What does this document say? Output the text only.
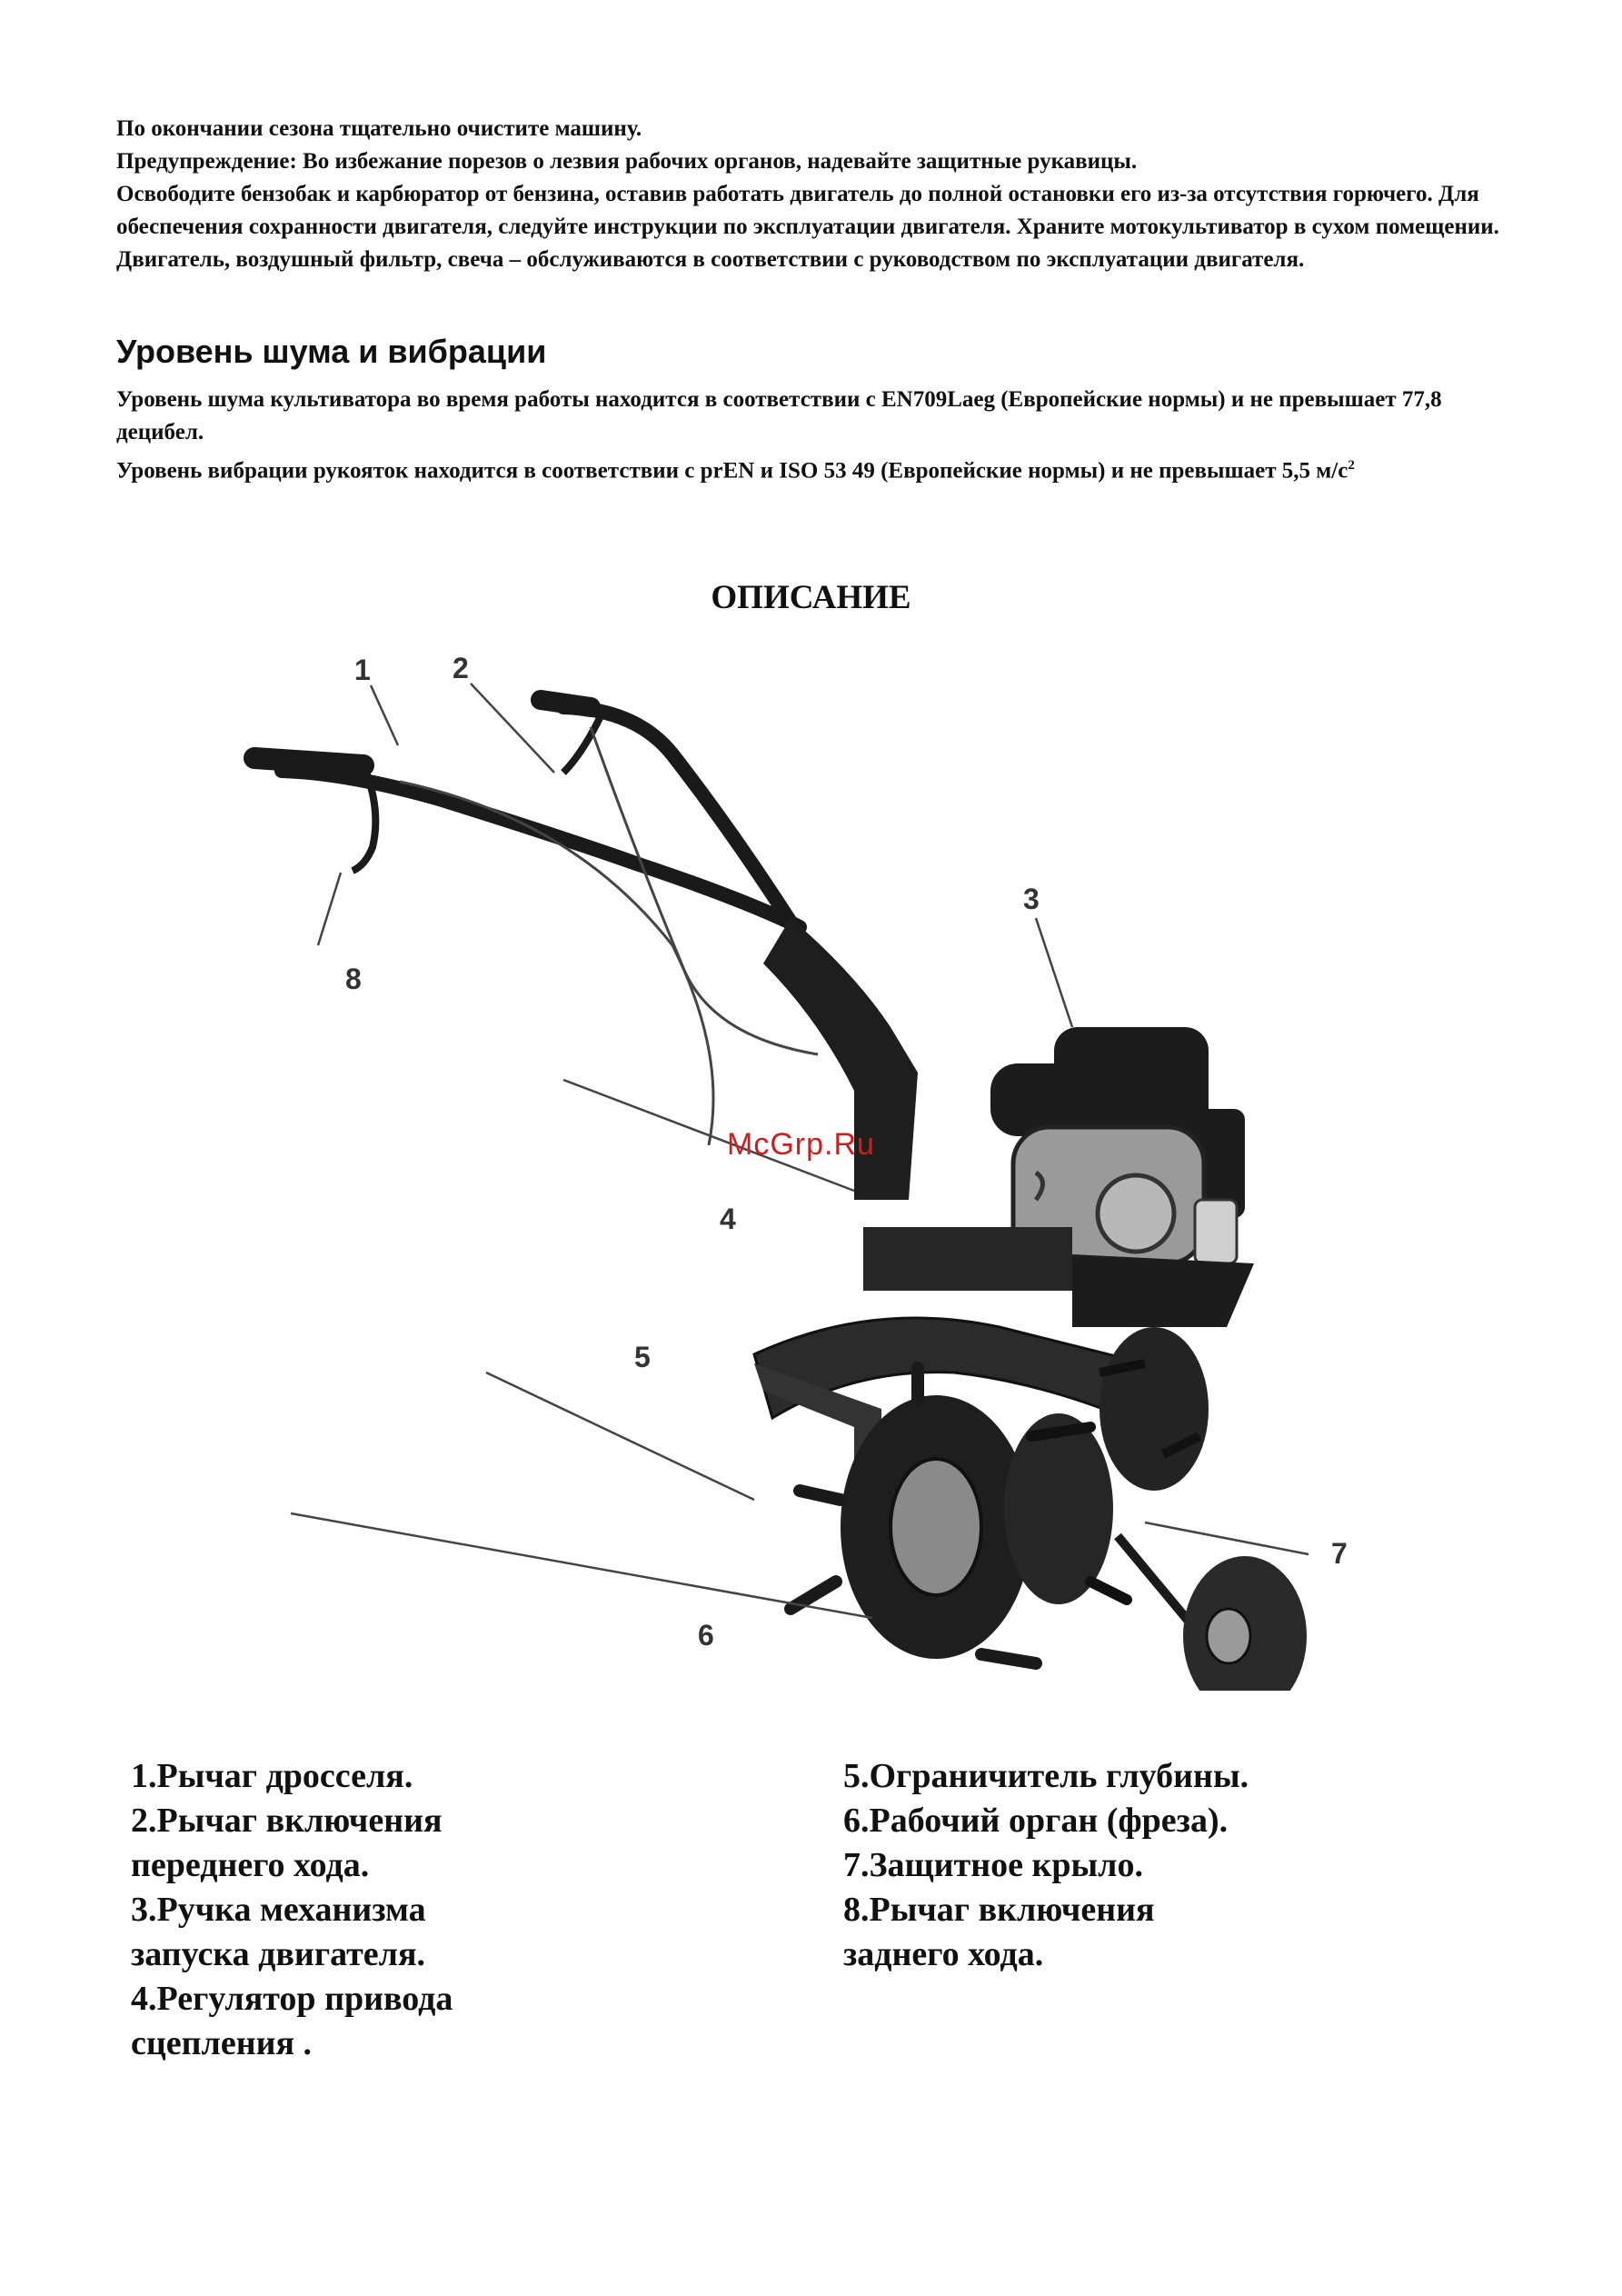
По окончании сезона тщательно очистите машину.

Предупреждение: Во избежание порезов о лезвия рабочих органов, надевайте защитные рукавицы.

Освободите бензобак и карбюратор от бензина, оставив работать двигатель до полной остановки его из-за отсутствия горючего. Для обеспечения сохранности двигателя, следуйте инструкции по эксплуатации двигателя. Храните мотокультиватор в сухом помещении.

Двигатель, воздушный фильтр, свеча – обслуживаются в соответствии с руководством по эксплуатации двигателя.

Уровень шума и вибрации

Уровень шума культиватора во время работы находится в соответствии с EN709Laeg (Европейские нормы) и не превышает 77,8 децибел.

Уровень вибрации рукояток находится в соответствии с prEN и ISO 53 49 (Европейские нормы) и не превышает 5,5 $м/с^2$

ОПИСАНИЕ
1	2
3
4
5
6
7
8
McGrp.Ru
1.Рычаг дросселя.
2.Рычаг включения
переднего хода.
3.Ручка механизма
запуска двигателя.
4.Регулятор привода
сцепления .
5.Ограничитель глубины.
6.Рабочий орган (фреза).
7.Защитное крыло.
8.Рычаг включения
заднего хода.
